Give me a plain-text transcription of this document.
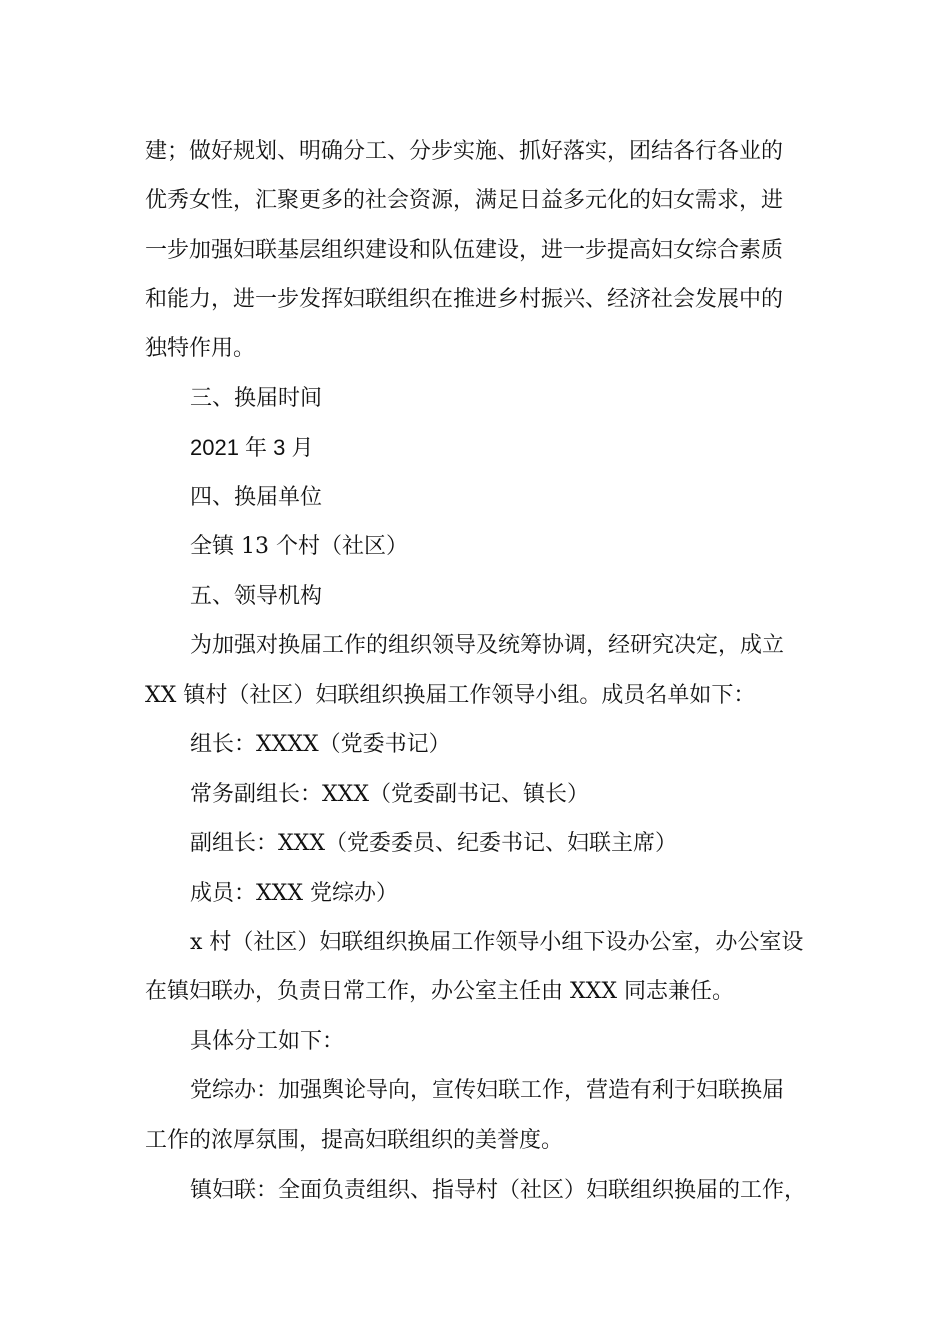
建；做好规划、明确分工、分步实施、抓好落实，团结各行各业的
优秀女性，汇聚更多的社会资源，满足日益多元化的妇女需求，进
一步加强妇联基层组织建设和队伍建设，进一步提高妇女综合素质
和能力，进一步发挥妇联组织在推进乡村振兴、经济社会发展中的
独特作用。
三、换届时间
2021 年 3 月
四、换届单位
全镇 13 个村（社区）
五、领导机构
为加强对换届工作的组织领导及统筹协调，经研究决定，成立
XX 镇村（社区）妇联组织换届工作领导小组。成员名单如下：
组长：XXXX（党委书记）
常务副组长：XXX（党委副书记、镇长）
副组长：XXX（党委委员、纪委书记、妇联主席）
成员：XXX 党综办）
x 村（社区）妇联组织换届工作领导小组下设办公室，办公室设
在镇妇联办，负责日常工作，办公室主任由 XXX 同志兼任。
具体分工如下：
党综办：加强舆论导向，宣传妇联工作，营造有利于妇联换届
工作的浓厚氛围，提高妇联组织的美誉度。
镇妇联：全面负责组织、指导村（社区）妇联组织换届的工作，
